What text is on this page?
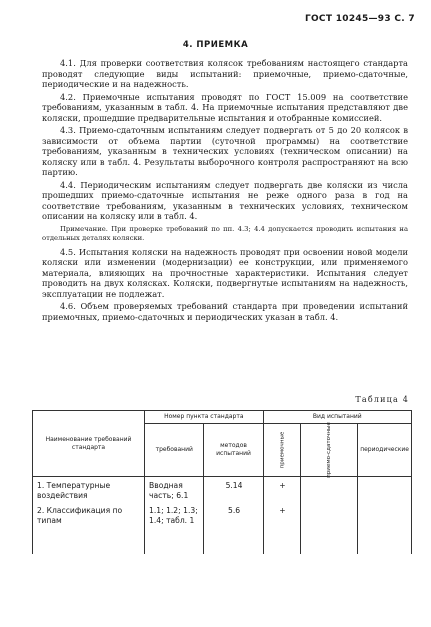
ГОСТ 10245—93 С. 7
4. ПРИЕМКА

4.1. Для проверки соответствия колясок требованиям настоящего стандарта проводят следующие виды испытаний: приемочные, приемо-сдаточные, периодические и на надежность.

4.2. Приемочные испытания проводят по ГОСТ 15.009 на соответствие требованиям, указанным в табл. 4. На приемочные испытания представляют две коляски, прошедшие предварительные испытания и отобранные комиссией.

4.3. Приемо-сдаточным испытаниям следует подвергать от 5 до 20 колясок в зависимости от объема партии (суточной программы) на соответствие требованиям, указанным в технических условиях (техническом описании) на коляску или в табл. 4. Результаты выборочного контроля распространяют на всю партию.

4.4. Периодическим испытаниям следует подвергать две коляски из числа прошедших приемо-сдаточные испытания не реже одного раза в год на соответствие требованиям, указанным в технических условиях, техническом описании на коляску или в табл. 4.

Примечание. При проверке требований по пп. 4.3; 4.4 допускается проводить испытания на отдельных деталях коляски.

4.5. Испытания коляски на надежность проводят при освоении новой модели коляски или изменении (модернизации) ее конструкции, или применяемого материала, влияющих на прочностные характеристики. Испытания следует проводить на двух колясках. Коляски, подвергнутые испытаниям на надежность, эксплуатации не подлежат.

4.6. Объем проверяемых требований стандарта при проведении испытаний приемочных, приемо-сдаточных и периодических указан в табл. 4.

Таблица 4
Наименование требований стандарта	Номер пункта стандарта		Вид испытаний		
	требований	методов испытаний	приемочные	приемо-сдаточные	периодические
1. Температурные воздействия	Вводная часть; 6.1	5.14	+		
2. Классификация по типам	1.1; 1.2; 1.3; 1.4; табл. 1	5.6	+		
